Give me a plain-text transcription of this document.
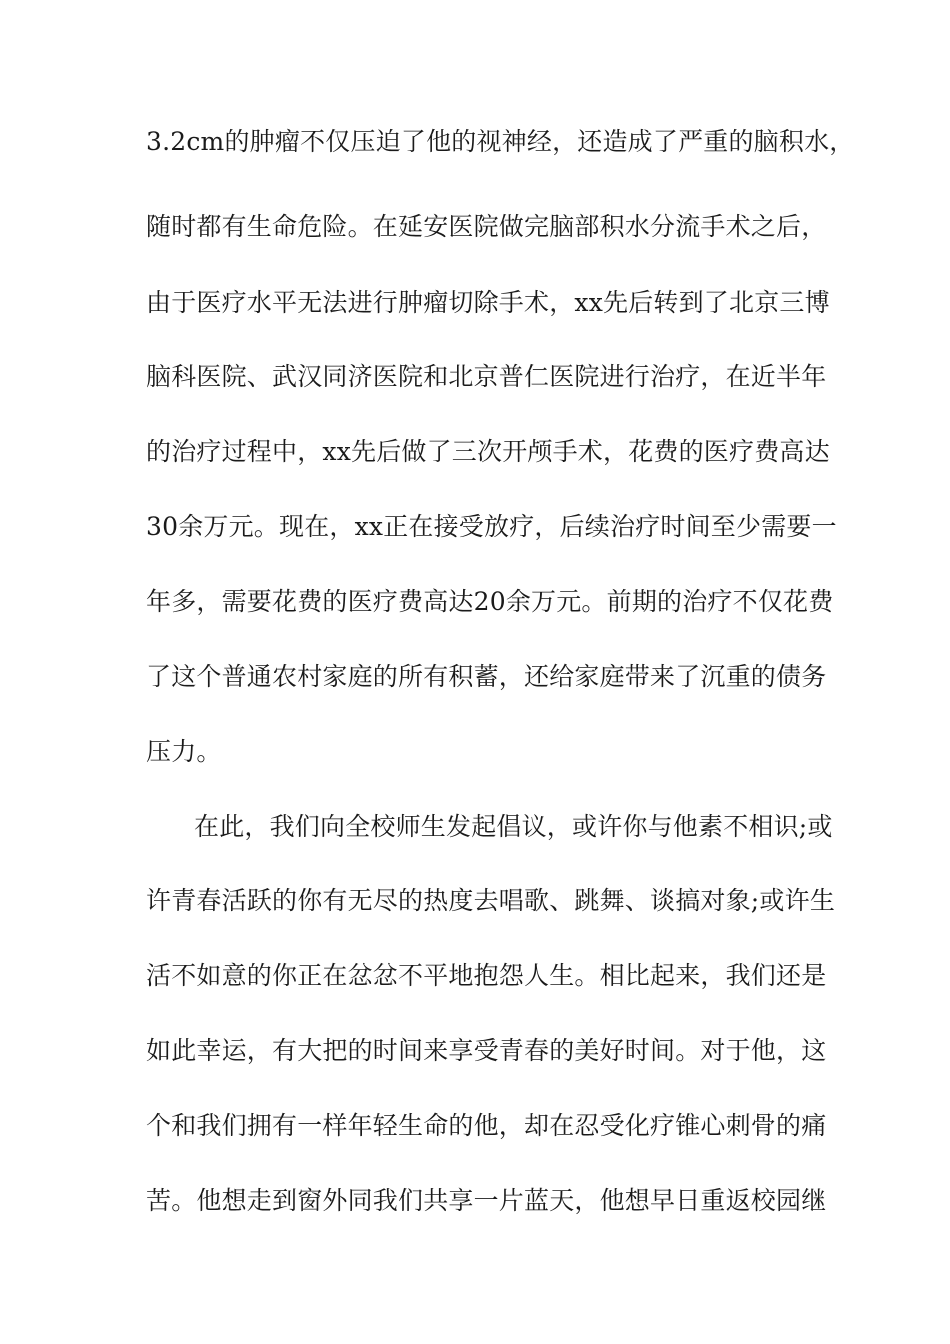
3.2cm的肿瘤不仅压迫了他的视神经，还造成了严重的脑积水，
随时都有生命危险。在延安医院做完脑部积水分流手术之后，
由于医疗水平无法进行肿瘤切除手术，xx先后转到了北京三博
脑科医院、武汉同济医院和北京普仁医院进行治疗，在近半年
的治疗过程中，xx先后做了三次开颅手术，花费的医疗费高达
30余万元。现在，xx正在接受放疗，后续治疗时间至少需要一
年多，需要花费的医疗费高达20余万元。前期的治疗不仅花费
了这个普通农村家庭的所有积蓄，还给家庭带来了沉重的债务
压力。
在此，我们向全校师生发起倡议，或许你与他素不相识;或
许青春活跃的你有无尽的热度去唱歌、跳舞、谈搞对象;或许生
活不如意的你正在忿忿不平地抱怨人生。相比起来，我们还是
如此幸运，有大把的时间来享受青春的美好时间。对于他，这
个和我们拥有一样年轻生命的他，却在忍受化疗锥心刺骨的痛
苦。他想走到窗外同我们共享一片蓝天，他想早日重返校园继
